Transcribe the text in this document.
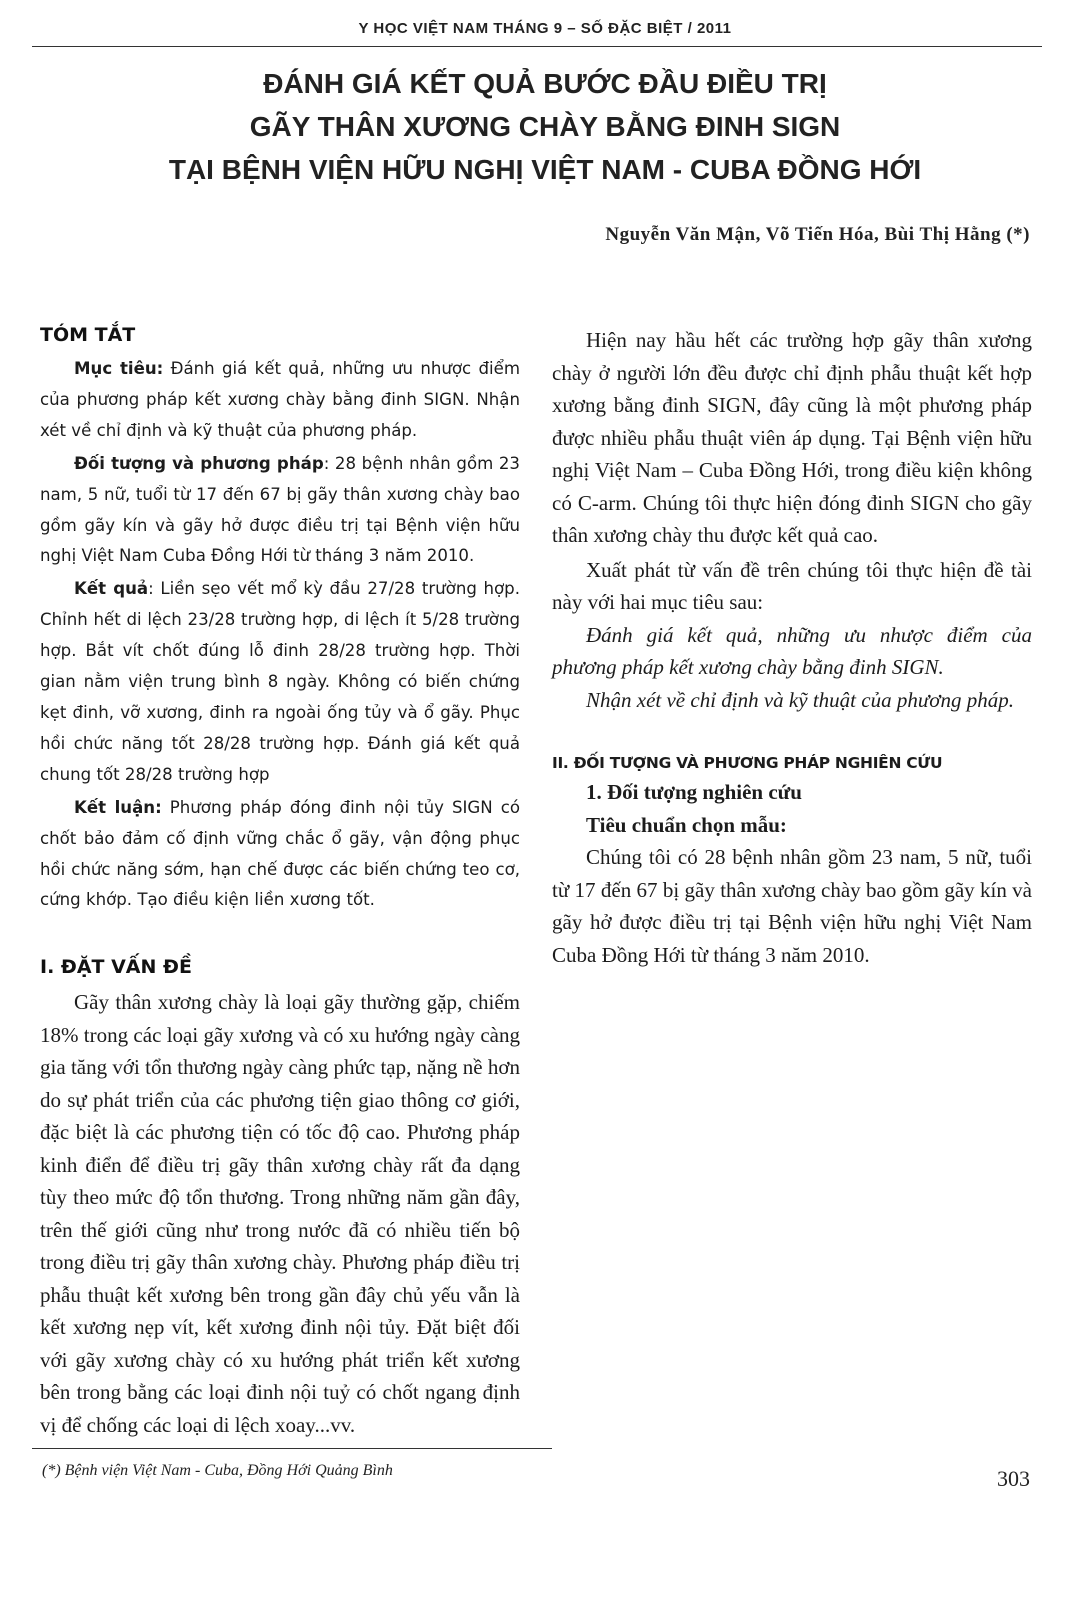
Y HỌC VIỆT NAM THÁNG 9 – SỐ ĐẶC BIỆT / 2011
ĐÁNH GIÁ KẾT QUẢ BƯỚC ĐẦU ĐIỀU TRỊ
GÃY THÂN XƯƠNG CHÀY BẰNG ĐINH SIGN
TẠI BỆNH VIỆN HỮU NGHỊ VIỆT NAM - CUBA ĐỒNG HỚI
Nguyễn Văn Mận, Võ Tiến Hóa, Bùi Thị Hằng (*)
TÓM TẮT

Mục tiêu: Đánh giá kết quả, những ưu nhược điểm của phương pháp kết xương chày bằng đinh SIGN. Nhận xét về chỉ định và kỹ thuật của phương pháp.

Đối tượng và phương pháp: 28 bệnh nhân gồm 23 nam, 5 nữ, tuổi từ 17 đến 67 bị gãy thân xương chày bao gồm gãy kín và gãy hở được điều trị tại Bệnh viện hữu nghị Việt Nam Cuba Đồng Hới từ tháng 3 năm 2010.

Kết quả: Liền sẹo vết mổ kỳ đầu 27/28 trường hợp. Chỉnh hết di lệch 23/28 trường hợp, di lệch ít 5/28 trường hợp. Bắt vít chốt đúng lỗ đinh 28/28 trường hợp. Thời gian nằm viện trung bình 8 ngày. Không có biến chứng kẹt đinh, vỡ xương, đinh ra ngoài ống tủy và ổ gãy. Phục hồi chức năng tốt 28/28 trường hợp. Đánh giá kết quả chung tốt 28/28 trường hợp

Kết luận: Phương pháp đóng đinh nội tủy SIGN có chốt bảo đảm cố định vững chắc ổ gãy, vận động phục hồi chức năng sớm, hạn chế được các biến chứng teo cơ, cứng khớp. Tạo điều kiện liền xương tốt.

I. ĐẶT VẤN ĐỀ

Gãy thân xương chày là loại gãy thường gặp, chiếm 18% trong các loại gãy xương và có xu hướng ngày càng gia tăng với tổn thương ngày càng phức tạp, nặng nề hơn do sự phát triển của các phương tiện giao thông cơ giới, đặc biệt là các phương tiện có tốc độ cao. Phương pháp kinh điển để điều trị gãy thân xương chày rất đa dạng tùy theo mức độ tổn thương. Trong những năm gần đây, trên thế giới cũng như trong nước đã có nhiều tiến bộ trong điều trị gãy thân xương chày. Phương pháp điều trị phẫu thuật kết xương bên trong gần đây chủ yếu vẫn là kết xương nẹp vít, kết xương đinh nội tủy. Đặt biệt đối với gãy xương chày có xu hướng phát triển kết xương bên trong bằng các loại đinh nội tuỷ có chốt ngang định vị để chống các loại di lệch xoay...vv.

Hiện nay hầu hết các trường hợp gãy thân xương chày ở người lớn đều được chỉ định phẫu thuật kết hợp xương bằng đinh SIGN, đây cũng là một phương pháp được nhiều phẫu thuật viên áp dụng. Tại Bệnh viện hữu nghị Việt Nam – Cuba Đồng Hới, trong điều kiện không có C-arm. Chúng tôi thực hiện đóng đinh SIGN cho gãy thân xương chày thu được kết quả cao.

Xuất phát từ vấn đề trên chúng tôi thực hiện đề tài này với hai mục tiêu sau:

Đánh giá kết quả, những ưu nhược điểm của phương pháp kết xương chày bằng đinh SIGN.

Nhận xét về chỉ định và kỹ thuật của phương pháp.

II. ĐỐI TƯỢNG VÀ PHƯƠNG PHÁP NGHIÊN CỨU
1. Đối tượng nghiên cứu
Tiêu chuẩn chọn mẫu:

Chúng tôi có 28 bệnh nhân gồm 23 nam, 5 nữ, tuổi từ 17 đến 67 bị gãy thân xương chày bao gồm gãy kín và gãy hở được điều trị tại Bệnh viện hữu nghị Việt Nam Cuba Đồng Hới từ tháng 3 năm 2010.

(*) Bệnh viện Việt Nam - Cuba, Đồng Hới Quảng Bình	303
